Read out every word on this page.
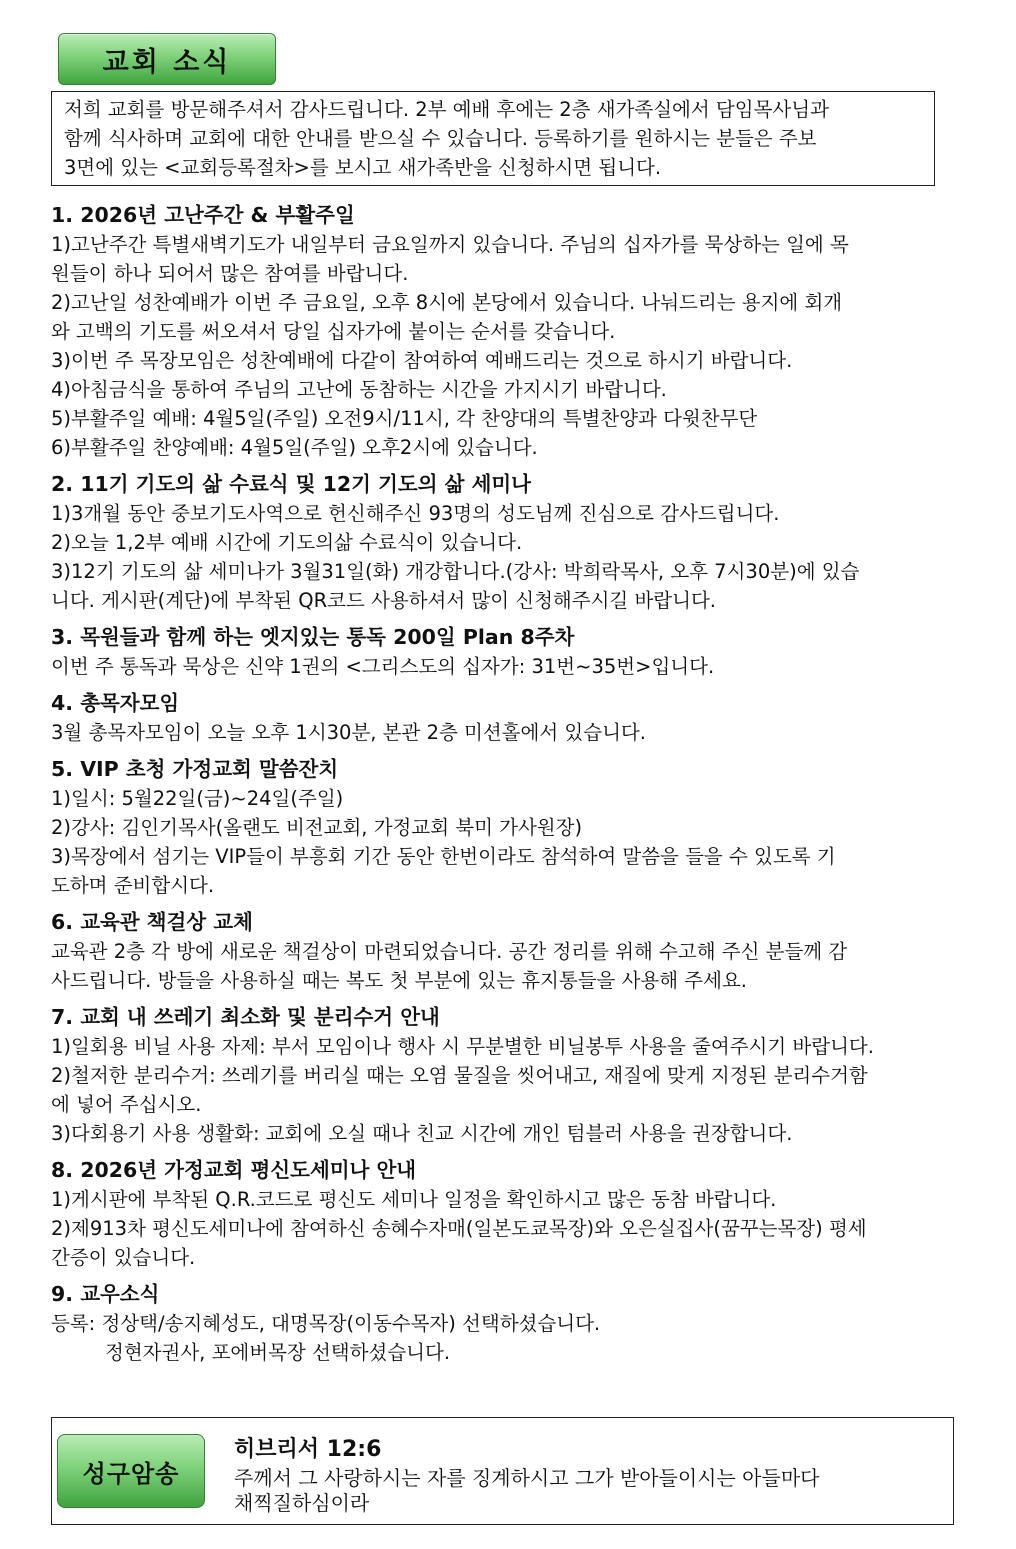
교회 소식

저희 교회를 방문해주셔서 감사드립니다. 2부 예배 후에는 2층 새가족실에서 담임목사님과

함께 식사하며 교회에 대한 안내를 받으실 수 있습니다. 등록하기를 원하시는 분들은 주보

3면에 있는 <교회등록절차>를 보시고 새가족반을 신청하시면 됩니다.

1. 2026년 고난주간 & 부활주일

1)고난주간 특별새벽기도가 내일부터 금요일까지 있습니다. 주님의 십자가를 묵상하는 일에 목

원들이 하나 되어서 많은 참여를 바랍니다.

2)고난일 성찬예배가 이번 주 금요일, 오후 8시에 본당에서 있습니다. 나눠드리는 용지에 회개

와 고백의 기도를 써오셔서 당일 십자가에 붙이는 순서를 갖습니다.

3)이번 주 목장모임은 성찬예배에 다같이 참여하여 예배드리는 것으로 하시기 바랍니다.

4)아침금식을 통하여 주님의 고난에 동참하는 시간을 가지시기 바랍니다.

5)부활주일 예배: 4월5일(주일) 오전9시/11시, 각 찬양대의 특별찬양과 다윗찬무단

6)부활주일 찬양예배: 4월5일(주일) 오후2시에 있습니다.

2. 11기 기도의 삶 수료식 및 12기 기도의 삶 세미나

1)3개월 동안 중보기도사역으로 헌신해주신 93명의 성도님께 진심으로 감사드립니다.

2)오늘 1,2부 예배 시간에 기도의삶 수료식이 있습니다.

3)12기 기도의 삶 세미나가 3월31일(화) 개강합니다.(강사: 박희락목사, 오후 7시30분)에 있습

니다. 게시판(계단)에 부착된 QR코드 사용하셔서 많이 신청해주시길 바랍니다.

3. 목원들과 함께 하는 엣지있는 통독 200일 Plan 8주차

이번 주 통독과 묵상은 신약 1권의 <그리스도의 십자가: 31번~35번>입니다.

4. 총목자모임

3월 총목자모임이 오늘 오후 1시30분, 본관 2층 미션홀에서 있습니다.

5. VIP 초청 가정교회 말씀잔치

1)일시: 5월22일(금)~24일(주일)

2)강사: 김인기목사(올랜도 비전교회, 가정교회 북미 가사원장)

3)목장에서 섬기는 VIP들이 부흥회 기간 동안 한번이라도 참석하여 말씀을 들을 수 있도록 기

도하며 준비합시다.

6. 교육관 책걸상 교체

교육관 2층 각 방에 새로운 책걸상이 마련되었습니다. 공간 정리를 위해 수고해 주신 분들께 감

사드립니다. 방들을 사용하실 때는 복도 첫 부분에 있는 휴지통들을 사용해 주세요.

7. 교회 내 쓰레기 최소화 및 분리수거 안내

1)일회용 비닐 사용 자제: 부서 모임이나 행사 시 무분별한 비닐봉투 사용을 줄여주시기 바랍니다.

2)철저한 분리수거: 쓰레기를 버리실 때는 오염 물질을 씻어내고, 재질에 맞게 지정된 분리수거함

에 넣어 주십시오.

3)다회용기 사용 생활화: 교회에 오실 때나 친교 시간에 개인 텀블러 사용을 권장합니다.

8. 2026년 가정교회 평신도세미나 안내

1)게시판에 부착된 Q.R.코드로 평신도 세미나 일정을 확인하시고 많은 동참 바랍니다.

2)제913차 평신도세미나에 참여하신 송혜수자매(일본도쿄목장)와 오은실집사(꿈꾸는목장) 평세

간증이 있습니다.

9. 교우소식

등록: 정상택/송지혜성도, 대명목장(이동수목자) 선택하셨습니다.

정현자권사, 포에버목장 선택하셨습니다.

성구암송
히브리서 12:6
주께서 그 사랑하시는 자를 징계하시고 그가 받아들이시는 아들마다
채찍질하심이라
